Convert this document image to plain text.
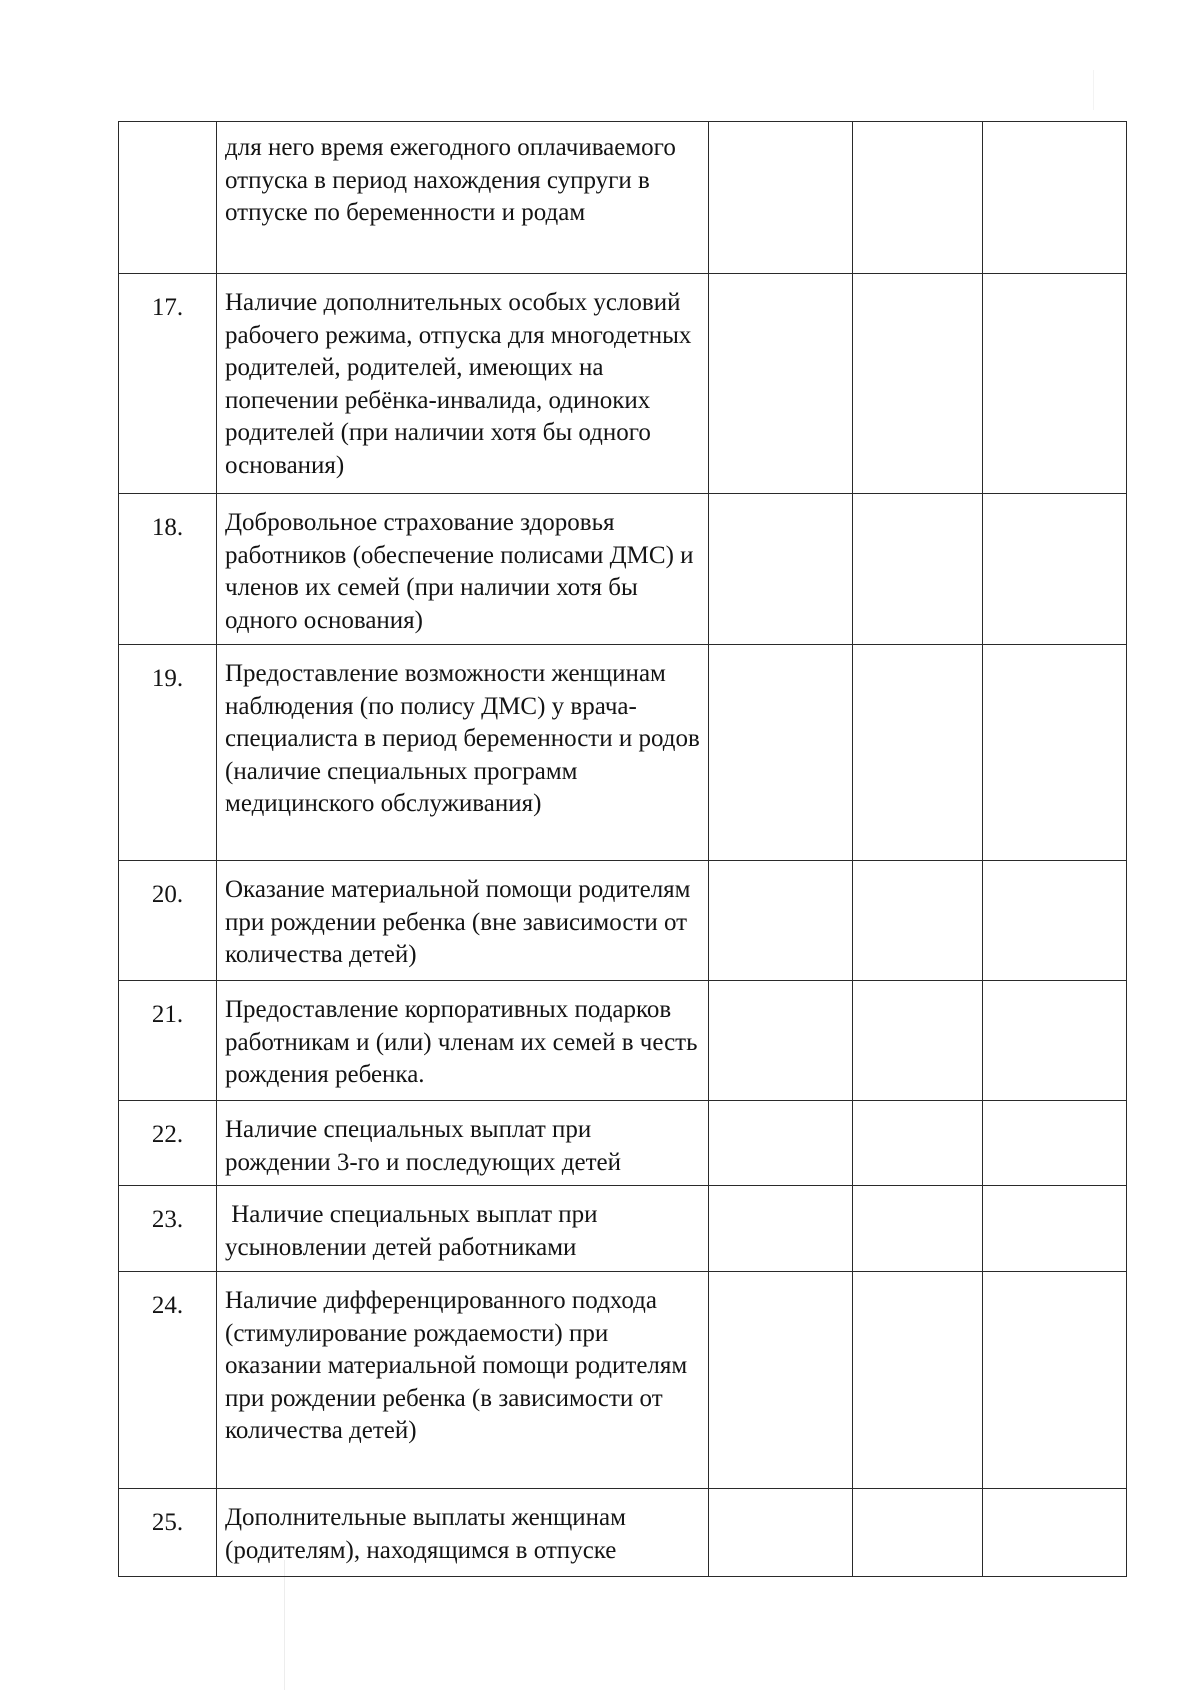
	для него время ежегодного оплачиваемого отпуска в период нахождения супруги в отпуске по беременности и родам			
17.	Наличие дополнительных особых условий рабочего режима, отпуска для многодетных родителей, родителей, имеющих на попечении ребёнка-инвалида, одиноких родителей (при наличии хотя бы одного основания)			
18.	Добровольное страхование здоровья работников (обеспечение полисами ДМС) и членов их семей (при наличии хотя бы одного основания)			
19.	Предоставление возможности женщинам наблюдения (по полису ДМС) у врача-специалиста в период беременности и родов (наличие специальных программ медицинского обслуживания)			
20.	Оказание материальной помощи родителям при рождении ребенка (вне зависимости от количества детей)			
21.	Предоставление корпоративных подарков работникам и (или) членам их семей в честь рождения ребенка.			
22.	Наличие специальных выплат при рождении 3-го и последующих детей			
23.	Наличие специальных выплат при усыновлении детей работниками			
24.	Наличие дифференцированного подхода (стимулирование рождаемости) при оказании материальной помощи родителям при рождении ребенка (в зависимости от количества детей)			
25.	Дополнительные выплаты женщинам (родителям), находящимся в отпуске			
